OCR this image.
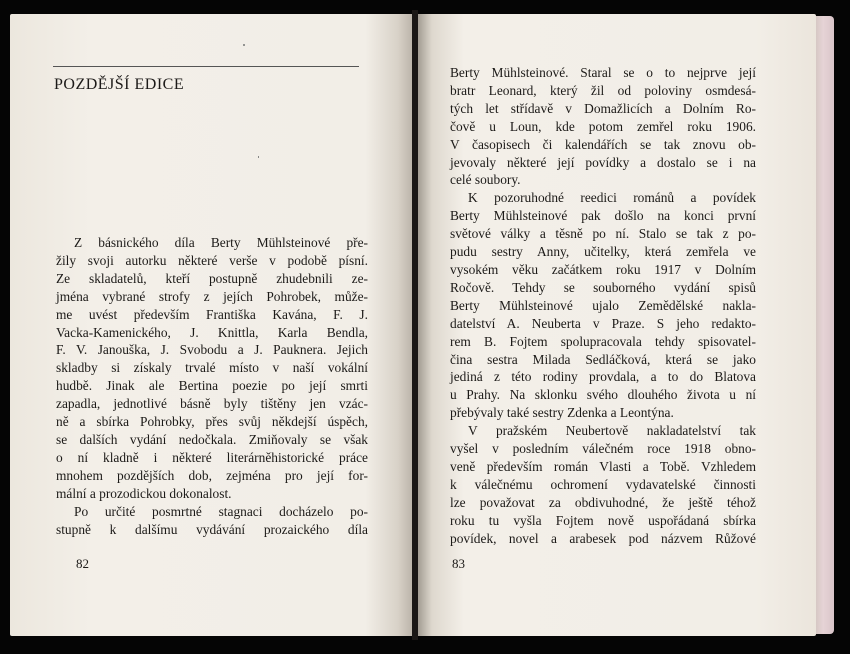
POZDĚJŠÍ EDICE
Z básnického díla Berty Mühlsteinové pře-
žily svoji autorku některé verše v podobě písní.
Ze skladatelů, kteří postupně zhudebnili ze-
jména vybrané strofy z jejích Pohrobek, může-
me uvést především Františka Kavána, F. J.
Vacka-Kamenického, J. Knittla, Karla Bendla,
F. V. Janouška, J. Svobodu a J. Pauknera. Jejich
skladby si získaly trvalé místo v naší vokální
hudbě. Jinak ale Bertina poezie po její smrti
zapadla, jednotlivé básně byly tištěny jen vzác-
ně a sbírka Pohrobky, přes svůj někdejší úspěch,
se dalších vydání nedočkala. Zmiňovaly se však
o ní kladně i některé literárněhistorické práce
mnohem pozdějších dob, zejména pro její for-
mální a prozodickou dokonalost.
Po určité posmrtné stagnaci docházelo po-
stupně k dalšímu vydávání prozaického díla
82
Berty Mühlsteinové. Staral se o to nejprve její
bratr Leonard, který žil od poloviny osmdesá-
tých let střídavě v Domažlicích a Dolním Ro-
čově u Loun, kde potom zemřel roku 1906.
V časopisech či kalendářích se tak znovu ob-
jevovaly některé její povídky a dostalo se i na
celé soubory.
K pozoruhodné reedici románů a povídek
Berty Mühlsteinové pak došlo na konci první
světové války a těsně po ní. Stalo se tak z po-
pudu sestry Anny, učitelky, která zemřela ve
vysokém věku začátkem roku 1917 v Dolním
Ročově. Tehdy se souborného vydání spisů
Berty Mühlsteinové ujalo Zemědělské nakla-
datelství A. Neuberta v Praze. S jeho redakto-
rem B. Fojtem spolupracovala tehdy spisovatel-
čina sestra Milada Sedláčková, která se jako
jediná z této rodiny provdala, a to do Blatova
u Prahy. Na sklonku svého dlouhého života u ní
přebývaly také sestry Zdenka a Leontýna.
V pražském Neubertově nakladatelství tak
vyšel v posledním válečném roce 1918 obno-
veně především román Vlasti a Tobě. Vzhledem
k válečnému ochromení vydavatelské činnosti
lze považovat za obdivuhodné, že ještě téhož
roku tu vyšla Fojtem nově uspořádaná sbírka
povídek, novel a arabesek pod názvem Růžové
83
